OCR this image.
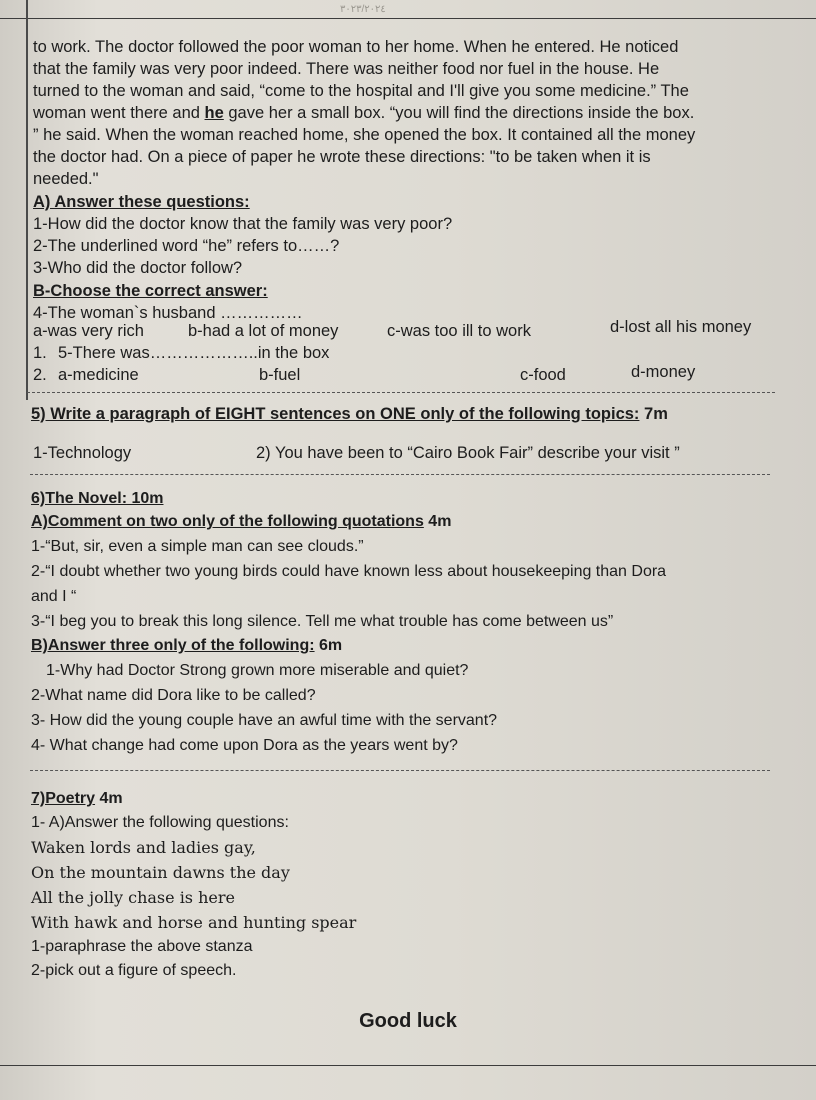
٣٠٢٣/٢٠٢٤
to work. The doctor followed the poor woman to her home. When he entered. He noticed
that the family was very poor indeed. There was neither food nor fuel in the house. He
turned to the woman and said, “come to the hospital and I'll give you some medicine.” The
woman went there and he gave her a small box. “you will find the directions inside the box.
” he said. When the woman reached home, she opened the box. It contained all the money
the doctor had. On a piece of paper he wrote these directions: "to be taken when it is
needed."
A) Answer these questions:
1-How did the doctor know that the family was very poor?
2-The underlined word “he” refers to……?
3-Who did the doctor follow?
B-Choose the correct answer:
4-The woman`s husband ……………
a-was very rich	b-had a lot of money	c-was too ill to work	d-lost all his money
1. 5-There was………………..in the box
2. a-medicine	b-fuel	c-food	d-money
5) Write a paragraph of EIGHT sentences on ONE only of the following topics: 7m
1-Technology	2) You have been to “Cairo Book Fair” describe your visit ”
6)The Novel: 10m
A)Comment on two only of the following quotations 4m
1-“But, sir, even a simple man can see clouds.”
2-“I doubt whether two young birds could have known less about housekeeping than Dora
and I “
3-“I beg you to break this long silence. Tell me what trouble has come between us”
B)Answer three only of the following: 6m
1-Why had Doctor Strong grown more miserable and quiet?
2-What name did Dora like to be called?
3- How did the young couple have an awful time with the servant?
4- What change had come upon Dora as the years went by?
7)Poetry 4m
1- A)Answer the following questions:
Waken lords and ladies gay,
On the mountain dawns the day
All the jolly chase is here
With hawk and horse and hunting spear
1-paraphrase the above stanza
2-pick out a figure of speech.
Good luck
